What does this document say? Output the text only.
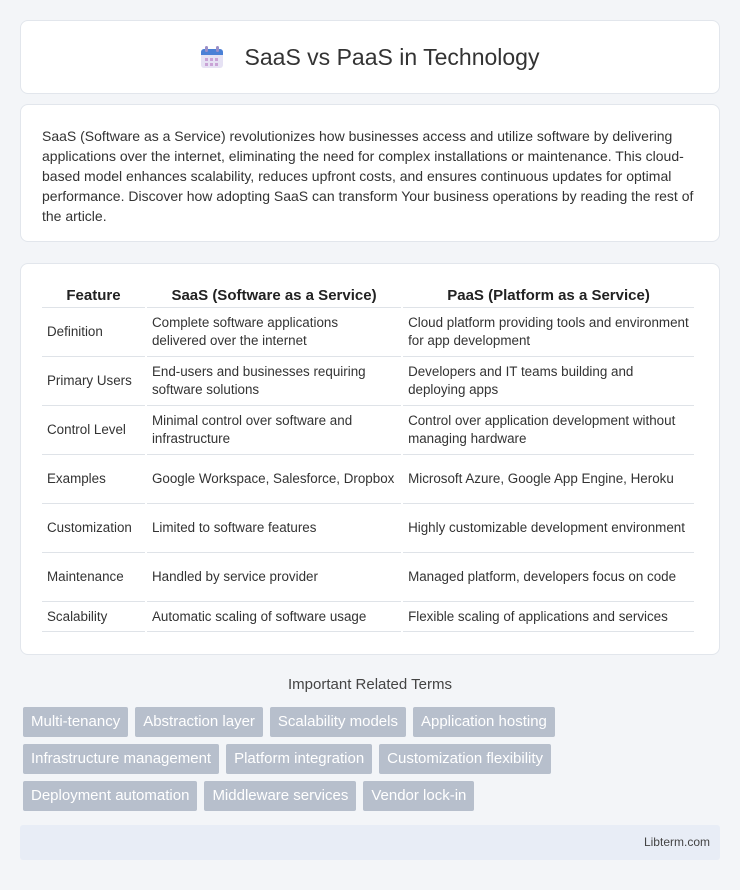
SaaS vs PaaS in Technology

SaaS (Software as a Service) revolutionizes how businesses access and utilize software by delivering applications over the internet, eliminating the need for complex installations or maintenance. This cloud-based model enhances scalability, reduces upfront costs, and ensures continuous updates for optimal performance. Discover how adopting SaaS can transform Your business operations by reading the rest of the article.

Feature	SaaS (Software as a Service)	PaaS (Platform as a Service)
Definition	Complete software applications delivered over the internet	Cloud platform providing tools and environment for app development
Primary Users	End-users and businesses requiring software solutions	Developers and IT teams building and deploying apps
Control Level	Minimal control over software and infrastructure	Control over application development without managing hardware
Examples	Google Workspace, Salesforce, Dropbox	Microsoft Azure, Google App Engine, Heroku
Customization	Limited to software features	Highly customizable development environment
Maintenance	Handled by service provider	Managed platform, developers focus on code
Scalability	Automatic scaling of software usage	Flexible scaling of applications and services
Important Related Terms
Multi-tenancy	Abstraction layer	Scalability models	Application hosting
Infrastructure management	Platform integration	Customization flexibility
Deployment automation	Middleware services	Vendor lock-in
Libterm.com
